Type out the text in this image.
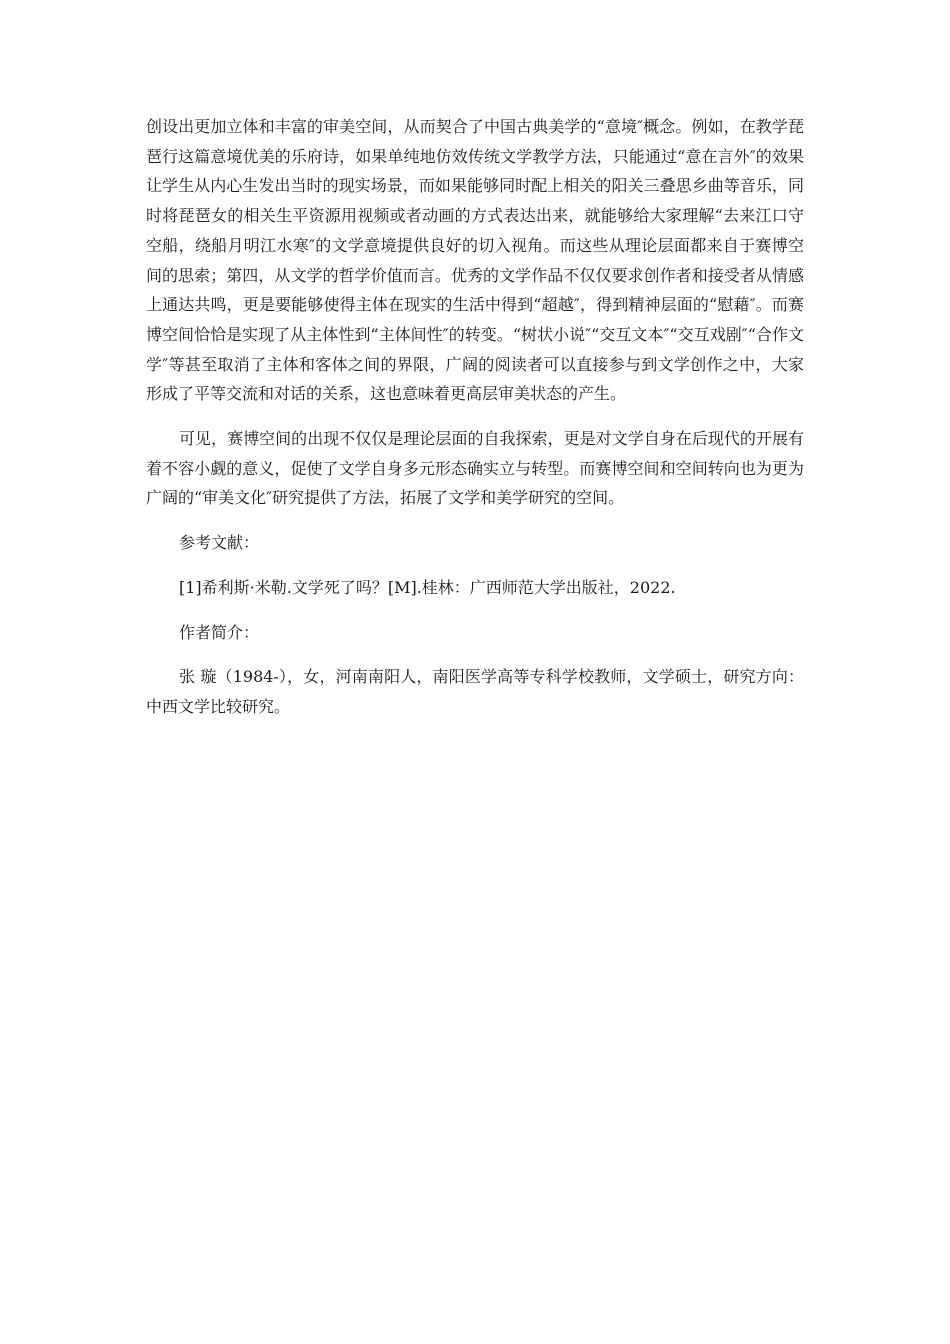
创设出更加立体和丰富的审美空间，从而契合了中国古典美学的“意境″概念。例如，在教学琵琶行这篇意境优美的乐府诗，如果单纯地仿效传统文学教学方法，只能通过“意在言外″的效果让学生从内心生发出当时的现实场景，而如果能够同时配上相关的阳关三叠思乡曲等音乐，同时将琵琶女的相关生平资源用视频或者动画的方式表达出来，就能够给大家理解“去来江口守空船，绕船月明江水寒″的文学意境提供良好的切入视角。而这些从理论层面都来自于赛博空间的思索；第四，从文学的哲学价值而言。优秀的文学作品不仅仅要求创作者和接受者从情感上通达共鸣，更是要能够使得主体在现实的生活中得到“超越″，得到精神层面的“慰藉″。而赛博空间恰恰是实现了从主体性到“主体间性″的转变。“树状小说″“交互文本″“交互戏剧″“合作文学″等甚至取消了主体和客体之间的界限，广阔的阅读者可以直接参与到文学创作之中，大家形成了平等交流和对话的关系，这也意味着更高层审美状态的产生。

可见，赛博空间的出现不仅仅是理论层面的自我探索，更是对文学自身在后现代的开展有着不容小觑的意义，促使了文学自身多元形态确实立与转型。而赛博空间和空间转向也为更为广阔的“审美文化″研究提供了方法，拓展了文学和美学研究的空间。

参考文献：

[1]希利斯·米勒.文学死了吗？[M].桂林：广西师范大学出版社，2022.

作者简介：

张 璇（1984-），女，河南南阳人，南阳医学高等专科学校教师，文学硕士，研究方向：中西文学比较研究。
